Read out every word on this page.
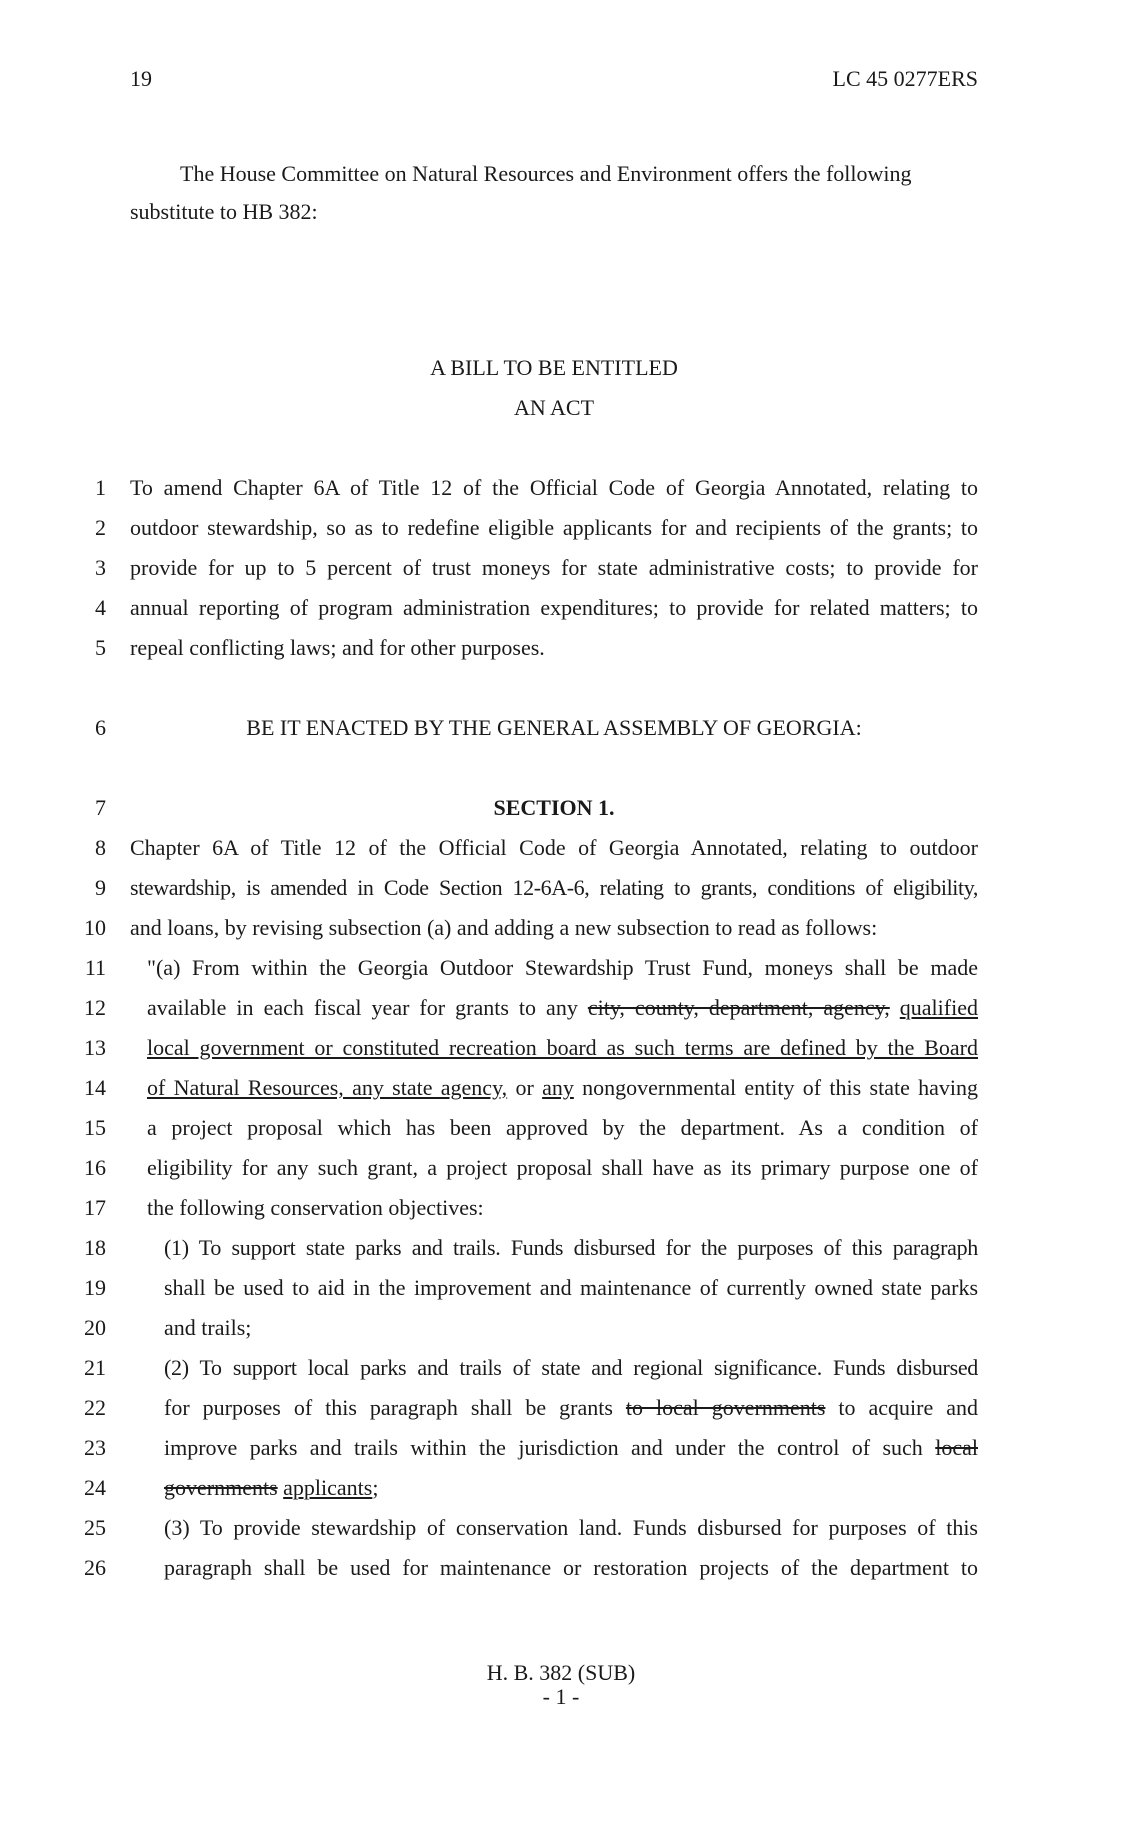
19	LC 45 0277ERS
The House Committee on Natural Resources and Environment offers the following
substitute to HB 382:
A BILL TO BE ENTITLED
AN ACT
1 To amend Chapter 6A of Title 12 of the Official Code of Georgia Annotated, relating to
2 outdoor stewardship, so as to redefine eligible applicants for and recipients of the grants; to
3 provide for up to 5 percent of trust moneys for state administrative costs; to provide for
4 annual reporting of program administration expenditures; to provide for related matters; to
5 repeal conflicting laws; and for other purposes.
6	BE IT ENACTED BY THE GENERAL ASSEMBLY OF GEORGIA:
7	SECTION 1.
8 Chapter 6A of Title 12 of the Official Code of Georgia Annotated, relating to outdoor
9 stewardship, is amended in Code Section 12-6A-6, relating to grants, conditions of eligibility,
10 and loans, by revising subsection (a) and adding a new subsection to read as follows:
11 "(a) From within the Georgia Outdoor Stewardship Trust Fund, moneys shall be made
12 available in each fiscal year for grants to any city, county, department, agency, qualified
13 local government or constituted recreation board as such terms are defined by the Board
14 of Natural Resources, any state agency, or any nongovernmental entity of this state having
15 a project proposal which has been approved by the department. As a condition of
16 eligibility for any such grant, a project proposal shall have as its primary purpose one of
17 the following conservation objectives:
18	(1) To support state parks and trails. Funds disbursed for the purposes of this paragraph
19	shall be used to aid in the improvement and maintenance of currently owned state parks
20	and trails;
21	(2) To support local parks and trails of state and regional significance. Funds disbursed
22	for purposes of this paragraph shall be grants to local governments to acquire and
23	improve parks and trails within the jurisdiction and under the control of such local
24	governments applicants;
25	(3) To provide stewardship of conservation land. Funds disbursed for purposes of this
26	paragraph shall be used for maintenance or restoration projects of the department to
H. B. 382 (SUB)
- 1 -
